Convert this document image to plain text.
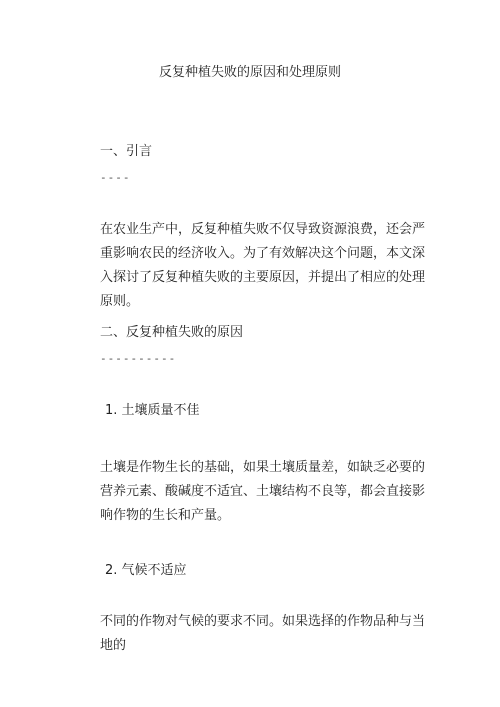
反复种植失败的原因和处理原则
一、引言
----
在农业生产中，反复种植失败不仅导致资源浪费，还会严重影响农民的经济收入。为了有效解决这个问题，本文深入探讨了反复种植失败的主要原因，并提出了相应的处理原则。
二、反复种植失败的原因
----------
1. 土壤质量不佳
土壤是作物生长的基础，如果土壤质量差，如缺乏必要的营养元素、酸碱度不适宜、土壤结构不良等，都会直接影响作物的生长和产量。
2. 气候不适应
不同的作物对气候的要求不同。如果选择的作物品种与当地的
